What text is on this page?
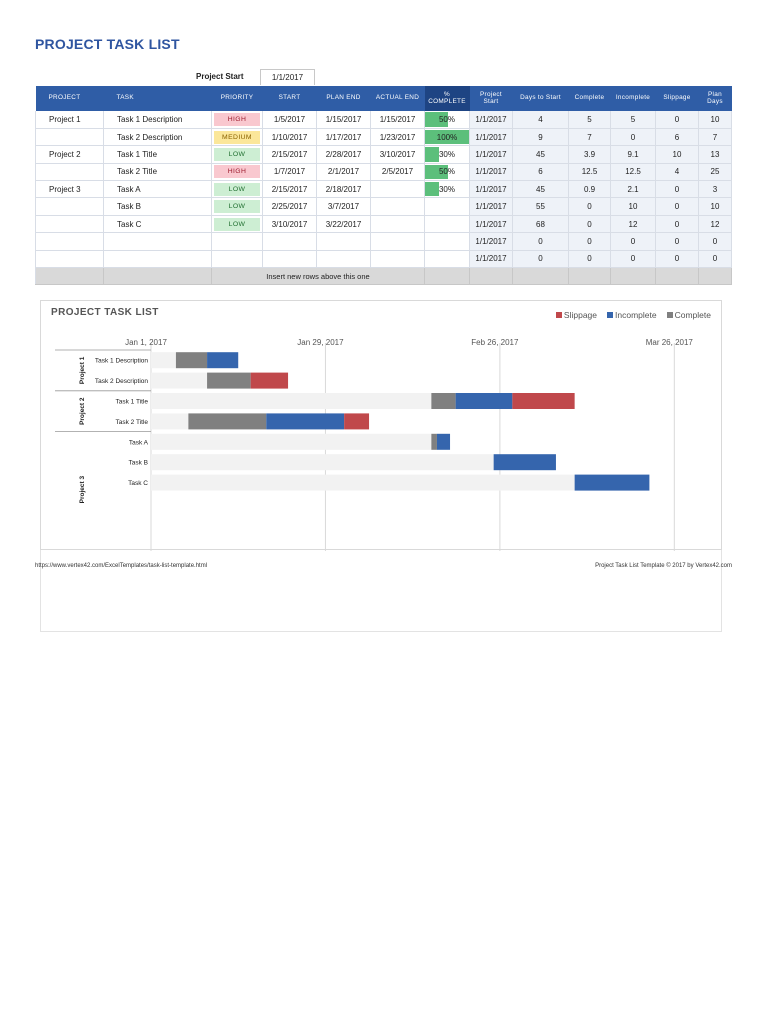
PROJECT TASK LIST
Project Start	1/1/2017
PROJECT	TASK	PRIORITY	START	PLAN END	ACTUAL END	% COMPLETE	Project Start	Days to Start	Complete	Incomplete	Slippage	Plan Days
Project 1	Task 1 Description	HIGH	1/5/2017	1/15/2017	1/15/2017	50%	1/1/2017	4	5	5	0	10
	Task 2 Description	MEDIUM	1/10/2017	1/17/2017	1/23/2017	100%	1/1/2017	9	7	0	6	7
Project 2	Task 1 Title	LOW	2/15/2017	2/28/2017	3/10/2017	30%	1/1/2017	45	3.9	9.1	10	13
	Task 2 Title	HIGH	1/7/2017	2/1/2017	2/5/2017	50%	1/1/2017	6	12.5	12.5	4	25
Project 3	Task A	LOW	2/15/2017	2/18/2017		30%	1/1/2017	45	0.9	2.1	0	3
	Task B	LOW	2/25/2017	3/7/2017			1/1/2017	55	0	10	0	10
	Task C	LOW	3/10/2017	3/22/2017			1/1/2017	68	0	12	0	12
							1/1/2017	0	0	0	0	0
							1/1/2017	0	0	0	0	0
		Insert new rows above this one										
PROJECT TASK LIST	Slippage Incomplete Complete
Jan 1, 2017	Jan 29, 2017	Feb 26, 2017	Mar 26, 2017
Task 1 Description
Task 2 Description
Task 1 Title
Task 2 Title
Task A
Task B
Task C
Project 1
Project 2
Project 3
https://www.vertex42.com/ExcelTemplates/task-list-template.html	Project Task List Template © 2017 by Vertex42.com
